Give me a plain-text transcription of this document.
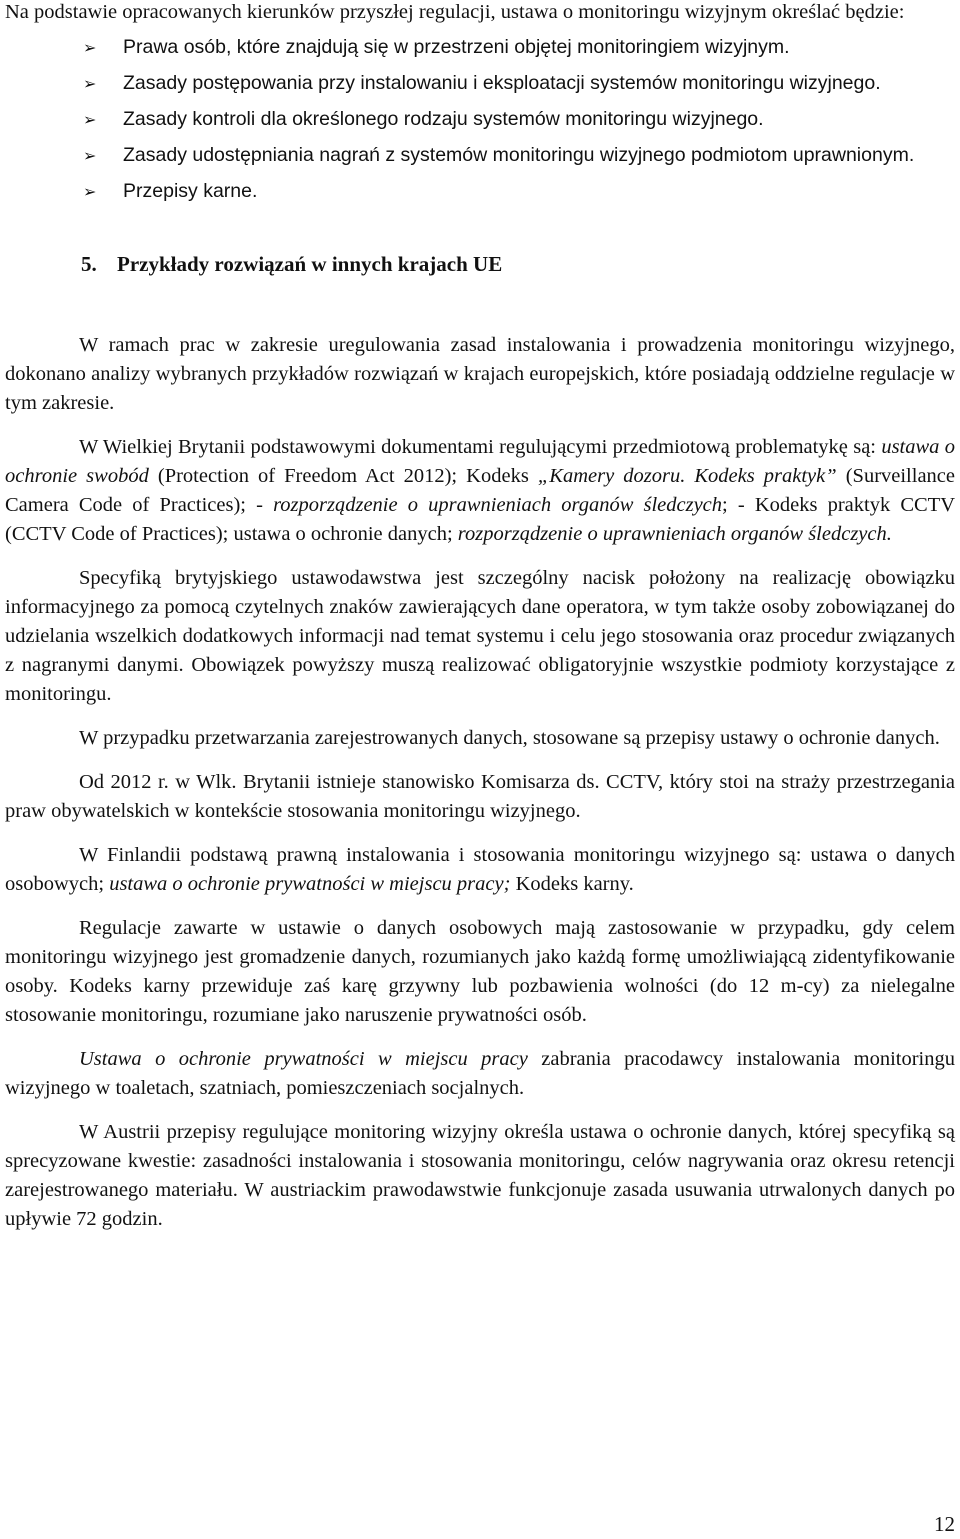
Na podstawie opracowanych kierunków przyszłej regulacji, ustawa o monitoringu wizyjnym określać będzie:

➢ Prawa osób, które znajdują się w przestrzeni objętej monitoringiem wizyjnym.
➢ Zasady postępowania przy instalowaniu i eksploatacji systemów monitoringu wizyjnego.
➢ Zasady kontroli dla określonego rodzaju systemów monitoringu wizyjnego.
➢ Zasady udostępniania nagrań z systemów monitoringu wizyjnego podmiotom uprawnionym.
➢ Przepisy karne.
5. Przykłady rozwiązań w innych krajach UE

W ramach prac w zakresie uregulowania zasad instalowania i prowadzenia monitoringu wizyjnego, dokonano analizy wybranych przykładów rozwiązań w krajach europejskich, które posiadają oddzielne regulacje w tym zakresie.

W Wielkiej Brytanii podstawowymi dokumentami regulującymi przedmiotową problematykę są: ustawa o ochronie swobód (Protection of Freedom Act 2012); Kodeks „Kamery dozoru. Kodeks praktyk” (Surveillance Camera Code of Practices); - rozporządzenie o uprawnieniach organów śledczych; - Kodeks praktyk CCTV (CCTV Code of Practices); ustawa o ochronie danych; rozporządzenie o uprawnieniach organów śledczych.

Specyfiką brytyjskiego ustawodawstwa jest szczególny nacisk położony na realizację obowiązku informacyjnego za pomocą czytelnych znaków zawierających dane operatora, w tym także osoby zobowiązanej do udzielania wszelkich dodatkowych informacji nad temat systemu i celu jego stosowania oraz procedur związanych z nagranymi danymi. Obowiązek powyższy muszą realizować obligatoryjnie wszystkie podmioty korzystające z monitoringu.

W przypadku przetwarzania zarejestrowanych danych, stosowane są przepisy ustawy o ochronie danych.

Od 2012 r. w Wlk. Brytanii istnieje stanowisko Komisarza ds. CCTV, który stoi na straży przestrzegania praw obywatelskich w kontekście stosowania monitoringu wizyjnego.

W Finlandii podstawą prawną instalowania i stosowania monitoringu wizyjnego są: ustawa o danych osobowych; ustawa o ochronie prywatności w miejscu pracy; Kodeks karny.

Regulacje zawarte w ustawie o danych osobowych mają zastosowanie w przypadku, gdy celem monitoringu wizyjnego jest gromadzenie danych, rozumianych jako każdą formę umożliwiającą zidentyfikowanie osoby. Kodeks karny przewiduje zaś karę grzywny lub pozbawienia wolności (do 12 m-cy) za nielegalne stosowanie monitoringu, rozumiane jako naruszenie prywatności osób.

Ustawa o ochronie prywatności w miejscu pracy zabrania pracodawcy instalowania monitoringu wizyjnego w toaletach, szatniach, pomieszczeniach socjalnych.

W Austrii przepisy regulujące monitoring wizyjny określa ustawa o ochronie danych, której specyfiką są sprecyzowane kwestie: zasadności instalowania i stosowania monitoringu, celów nagrywania oraz okresu retencji zarejestrowanego materiału. W austriackim prawodawstwie funkcjonuje zasada usuwania utrwalonych danych po upływie 72 godzin.

12
